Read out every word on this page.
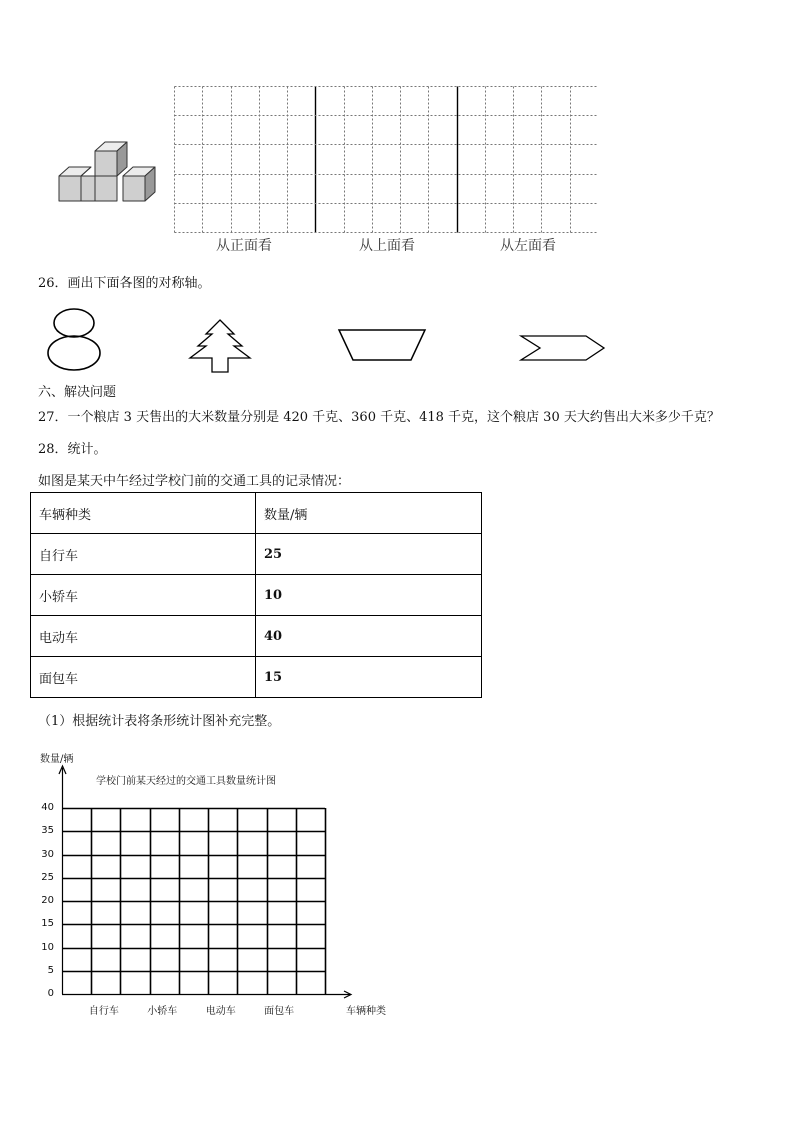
从正面看	从上面看	从左面看
26．画出下面各图的对称轴。
六、解决问题
27．一个粮店 3 天售出的大米数量分别是 420 千克、360 千克、418 千克，这个粮店 30 天大约售出大米多少千克？
28．统计。
如图是某天中午经过学校门前的交通工具的记录情况：
车辆种类	数量/辆
自行车	25
小轿车	10
电动车	40
面包车	15
（1）根据统计表将条形统计图补充完整。
数量/辆
学校门前某天经过的交通工具数量统计图
车辆种类
0
5
10
15
20
25
30
35
40
自行车	小轿车	电动车	面包车
